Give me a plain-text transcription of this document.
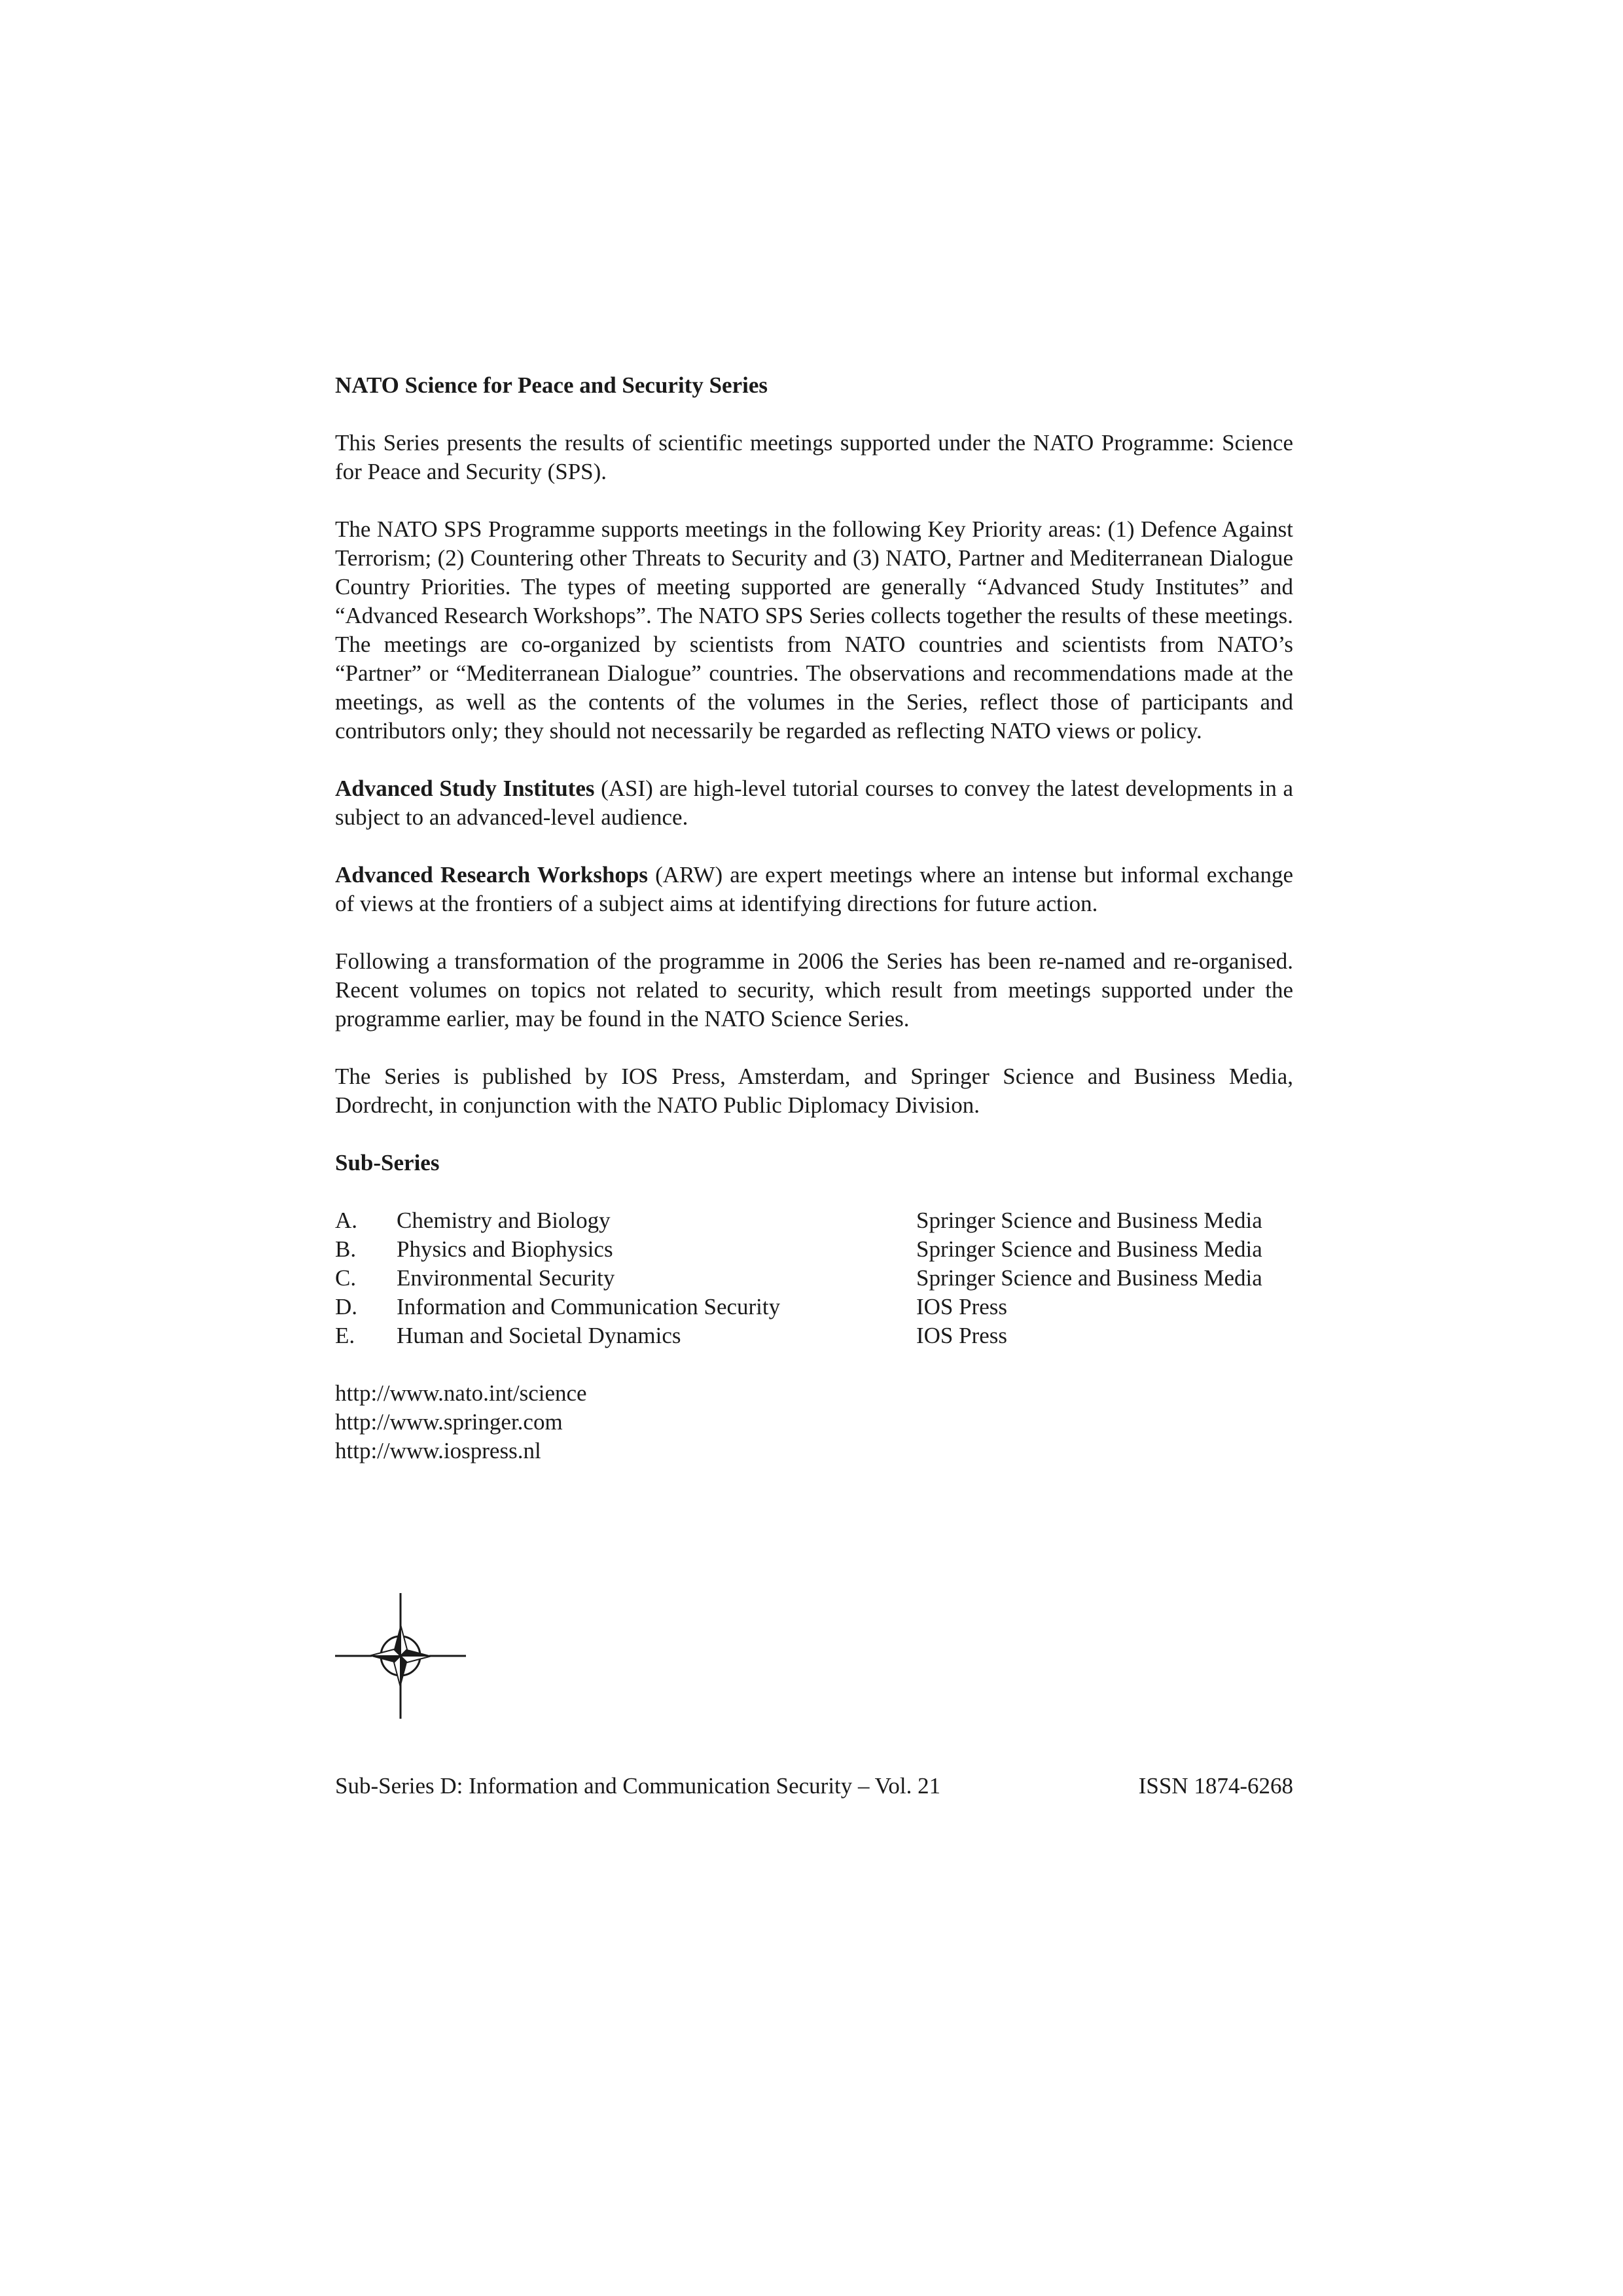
NATO Science for Peace and Security Series
This Series presents the results of scientific meetings supported under the NATO Programme: Science for Peace and Security (SPS).
The NATO SPS Programme supports meetings in the following Key Priority areas: (1) Defence Against Terrorism; (2) Countering other Threats to Security and (3) NATO, Partner and Mediterranean Dialogue Country Priorities. The types of meeting supported are generally “Advanced Study Institutes” and “Advanced Research Workshops”. The NATO SPS Series collects together the results of these meetings. The meetings are co-organized by scientists from NATO countries and scientists from NATO’s “Partner” or “Mediterranean Dialogue” countries. The observations and recommendations made at the meetings, as well as the contents of the volumes in the Series, reflect those of participants and contributors only; they should not necessarily be regarded as reflecting NATO views or policy.
Advanced Study Institutes (ASI) are high-level tutorial courses to convey the latest developments in a subject to an advanced-level audience.
Advanced Research Workshops (ARW) are expert meetings where an intense but informal exchange of views at the frontiers of a subject aims at identifying directions for future action.
Following a transformation of the programme in 2006 the Series has been re-named and re-organised. Recent volumes on topics not related to security, which result from meetings supported under the programme earlier, may be found in the NATO Science Series.
The Series is published by IOS Press, Amsterdam, and Springer Science and Business Media, Dordrecht, in conjunction with the NATO Public Diplomacy Division.
Sub-Series
A.	Chemistry and Biology	Springer Science and Business Media
B.	Physics and Biophysics	Springer Science and Business Media
C.	Environmental Security	Springer Science and Business Media
D.	Information and Communication Security	IOS Press
E.	Human and Societal Dynamics	IOS Press
http://www.nato.int/science
http://www.springer.com
http://www.iospress.nl
Sub-Series D: Information and Communication Security – Vol. 21	ISSN 1874-6268
